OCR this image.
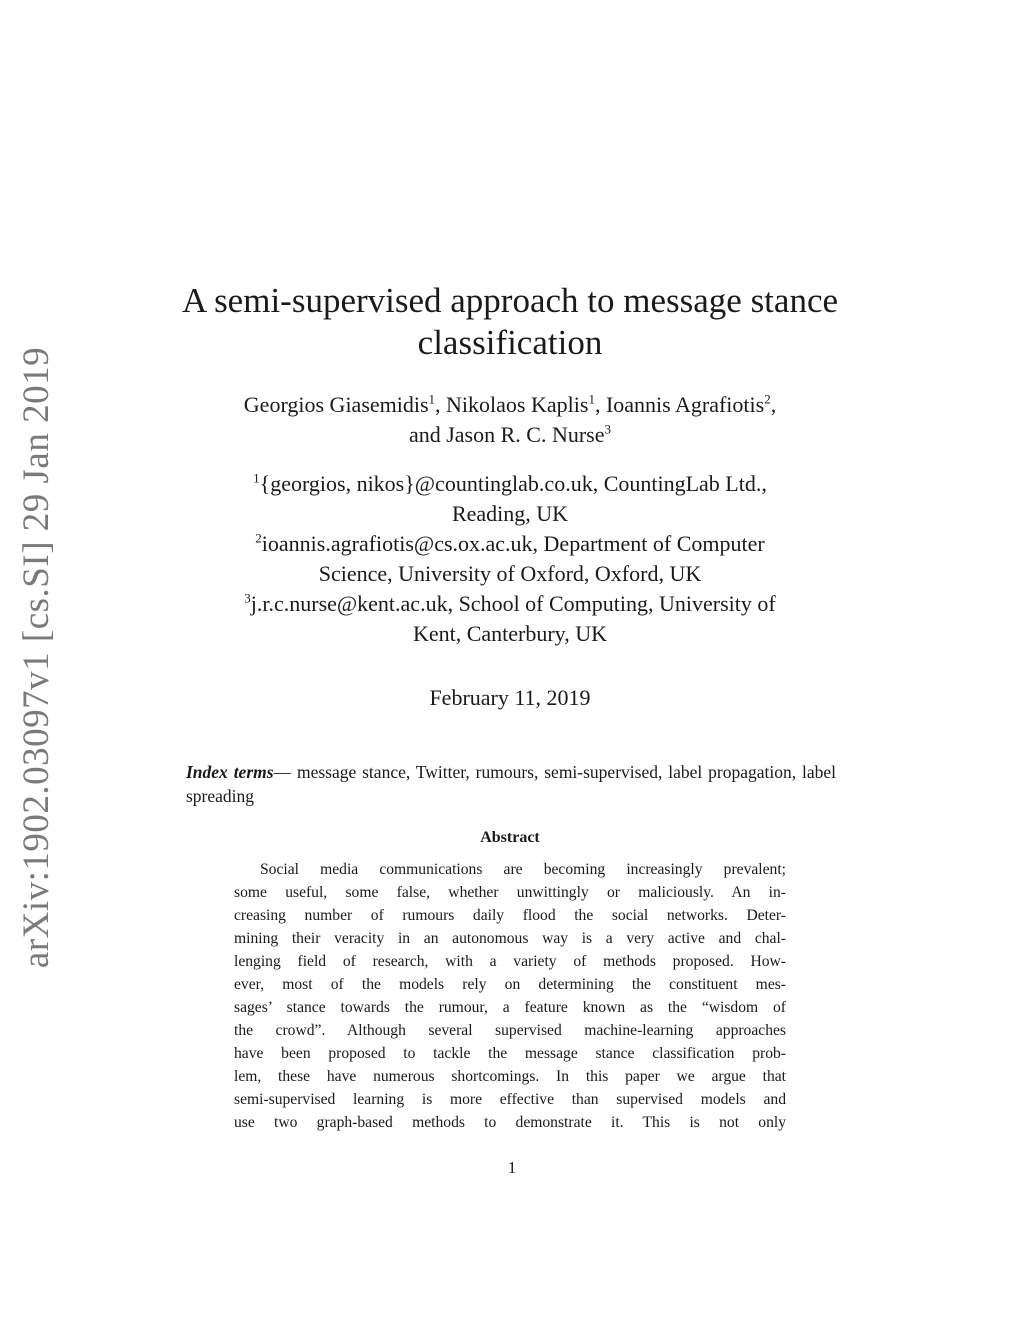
arXiv:1902.03097v1 [cs.SI] 29 Jan 2019
A semi-supervised approach to message stance
classification
Georgios Giasemidis$^1$, Nikolaos Kaplis$^1$, Ioannis Agrafiotis$^2$,
and Jason R. C. Nurse$^3$
$^1${georgios, nikos}@countinglab.co.uk, CountingLab Ltd.,
Reading, UK
$^2$ioannis.agrafiotis@cs.ox.ac.uk, Department of Computer
Science, University of Oxford, Oxford, UK
$^3$j.r.c.nurse@kent.ac.uk, School of Computing, University of
Kent, Canterbury, UK
February 11, 2019
Index terms— message stance, Twitter, rumours, semi-supervised, label propagation, label spreading
Abstract
Social media communications are becoming increasingly prevalent;
some useful, some false, whether unwittingly or maliciously. An in-
creasing number of rumours daily flood the social networks. Deter-
mining their veracity in an autonomous way is a very active and chal-
lenging field of research, with a variety of methods proposed. How-
ever, most of the models rely on determining the constituent mes-
sages’ stance towards the rumour, a feature known as the “wisdom of
the crowd”. Although several supervised machine-learning approaches
have been proposed to tackle the message stance classification prob-
lem, these have numerous shortcomings. In this paper we argue that
semi-supervised learning is more effective than supervised models and
use two graph-based methods to demonstrate it. This is not only
1
